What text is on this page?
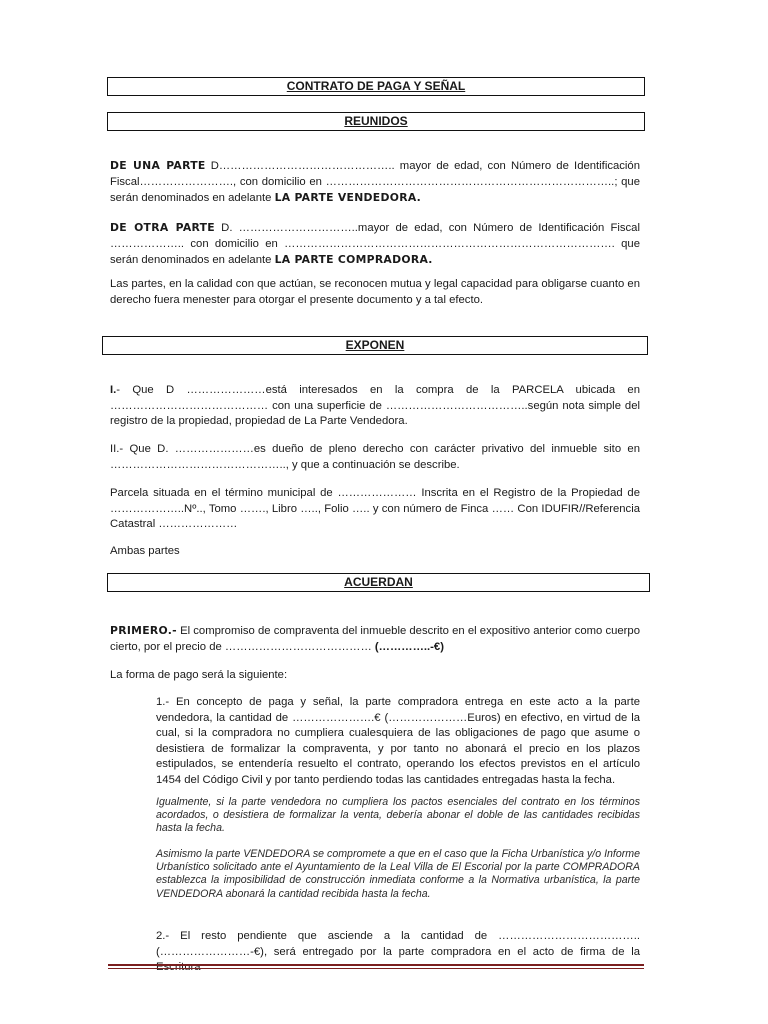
CONTRATO DE PAGA Y SEÑAL
REUNIDOS

DE UNA PARTE D……………………………………….. mayor de edad, con Número de Identificación Fiscal……………………., con domicilio en …………………………………………………………………..; que serán denominados en adelante LA PARTE VENDEDORA.

DE OTRA PARTE D. …………………………..mayor de edad, con Número de Identificación Fiscal ……………….. con domicilio en ……………………………………………………………………………. que serán denominados en adelante LA PARTE COMPRADORA.

Las partes, en la calidad con que actúan, se reconocen mutua y legal capacidad para obligarse cuanto en derecho fuera menester para otorgar el presente documento y a tal efecto.

EXPONEN

I.- Que D …………………está interesados en la compra de la PARCELA ubicada en …………………………………… con una superficie de ………………………………..según nota simple del registro de la propiedad, propiedad de La Parte Vendedora.

II.- Que D. …………………es dueño de pleno derecho con carácter privativo del inmueble sito en ……………………………………….., y que a continuación se describe.

Parcela situada en el término municipal de ………………… Inscrita en el Registro de la Propiedad de ………………..Nº.., Tomo ……., Libro ….., Folio ….. y con número de Finca …… Con IDUFIR//Referencia Catastral …………………

Ambas partes

ACUERDAN

PRIMERO.- El compromiso de compraventa del inmueble descrito en el expositivo anterior como cuerpo cierto, por el precio de ………………………………… (…………..-€)

La forma de pago será la siguiente:

1.- En concepto de paga y señal, la parte compradora entrega en este acto a la parte vendedora, la cantidad de ………………….€ (…………………Euros) en efectivo, en virtud de la cual, si la compradora no cumpliera cualesquiera de las obligaciones de pago que asume o desistiera de formalizar la compraventa, y por tanto no abonará el precio en los plazos estipulados, se entendería resuelto el contrato, operando los efectos previstos en el artículo 1454 del Código Civil y por tanto perdiendo todas las cantidades entregadas hasta la fecha.

Igualmente, si la parte vendedora no cumpliera los pactos esenciales del contrato en los términos acordados, o desistiera de formalizar la venta, debería abonar el doble de las cantidades recibidas hasta la fecha.

Asimismo la parte VENDEDORA se compromete a que en el caso que la Ficha Urbanística y/o Informe Urbanístico solicitado ante el Ayuntamiento de la Leal Villa de El Escorial por la parte COMPRADORA establezca la imposibilidad de construcción inmediata conforme a la Normativa urbanística, la parte VENDEDORA abonará la cantidad recibida hasta la fecha.

2.- El resto pendiente que asciende a la cantidad de ……………………………….. (……………………-€), será entregado por la parte compradora en el acto de firma de la
